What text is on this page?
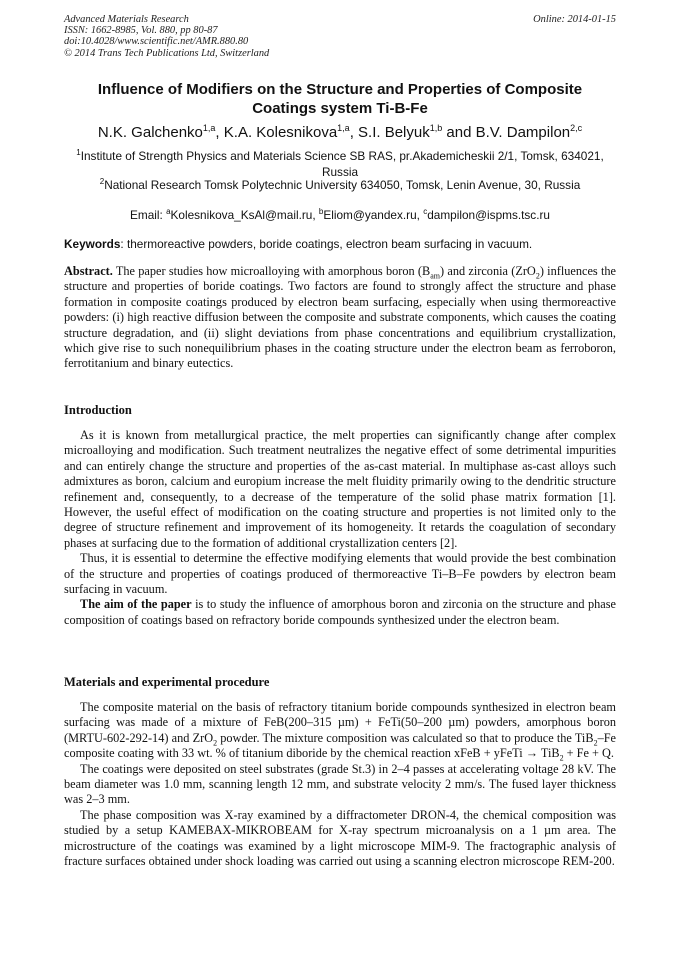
Advanced Materials Research
ISSN: 1662-8985, Vol. 880, pp 80-87
doi:10.4028/www.scientific.net/AMR.880.80
© 2014 Trans Tech Publications Ltd, Switzerland
Online: 2014-01-15
Influence of Modifiers on the Structure and Properties of Composite
Coatings system Ti-B-Fe
N.K. Galchenko$^{1,a}$, K.A. Kolesnikova$^{1,a}$, S.I. Belyuk$^{1,b}$ and B.V. Dampilon$^{2,c}$
$^1$Institute of Strength Physics and Materials Science SB RAS, pr.Akademicheskii 2/1, Tomsk, 634021, Russia
$^2$National Research Tomsk Polytechnic University 634050, Tomsk, Lenin Avenue, 30, Russia
Email: $^a$Kolesnikova_KsAl@mail.ru, $^b$Eliom@yandex.ru, $^c$dampilon@ispms.tsc.ru
Keywords: thermoreactive powders, boride coatings, electron beam surfacing in vacuum.

Abstract. The paper studies how microalloying with amorphous boron $(B_{am})$ and zirconia (ZrO$_2$) influences the structure and properties of boride coatings. Two factors are found to strongly affect the structure and phase formation in composite coatings produced by electron beam surfacing, especially when using thermoreactive powders: (i) high reactive diffusion between the composite and substrate components, which causes the coating structure degradation, and (ii) slight deviations from phase concentrations and equilibrium crystallization, which give rise to such nonequilibrium phases in the coating structure under the electron beam as ferroboron, ferrotitanium and binary eutectics.

Introduction

As it is known from metallurgical practice, the melt properties can significantly change after complex microalloying and modification. Such treatment neutralizes the negative effect of some detrimental impurities and can entirely change the structure and properties of the as-cast material. In multiphase as-cast alloys such admixtures as boron, calcium and europium increase the melt fluidity primarily owing to the dendritic structure refinement and, consequently, to a decrease of the temperature of the solid phase matrix formation [1]. However, the useful effect of modification on the coating structure and properties is not limited only to the degree of structure refinement and improvement of its homogeneity. It retards the coagulation of secondary phases at surfacing due to the formation of additional crystallization centers [2].

Thus, it is essential to determine the effective modifying elements that would provide the best combination of the structure and properties of coatings produced of thermoreactive Ti–B–Fe powders by electron beam surfacing in vacuum.

The aim of the paper is to study the influence of amorphous boron and zirconia on the structure and phase composition of coatings based on refractory boride compounds synthesized under the electron beam.

Materials and experimental procedure

The composite material on the basis of refractory titanium boride compounds synthesized in electron beam surfacing was made of a mixture of FeB(200–315 µm) + FeTi(50–200 µm) powders, amorphous boron (MRTU-602-292-14) and ZrO$_2$ powder. The mixture composition was calculated so that to produce the TiB$_2$–Fe composite coating with 33 wt. % of titanium diboride by the chemical reaction xFeB + yFeTi → TiB$_2$ + Fe + Q.

The coatings were deposited on steel substrates (grade St.3) in 2–4 passes at accelerating voltage 28 kV. The beam diameter was 1.0 mm, scanning length 12 mm, and substrate velocity 2 mm/s. The fused layer thickness was 2–3 mm.

The phase composition was X-ray examined by a diffractometer DRON-4, the chemical composition was studied by a setup KAMEBAX-MIKROBEAM for X-ray spectrum microanalysis on a 1 µm area. The microstructure of the coatings was examined by a light microscope MIM-9. The fractographic analysis of fracture surfaces obtained under shock loading was carried out using a scanning electron microscope REM-200.
